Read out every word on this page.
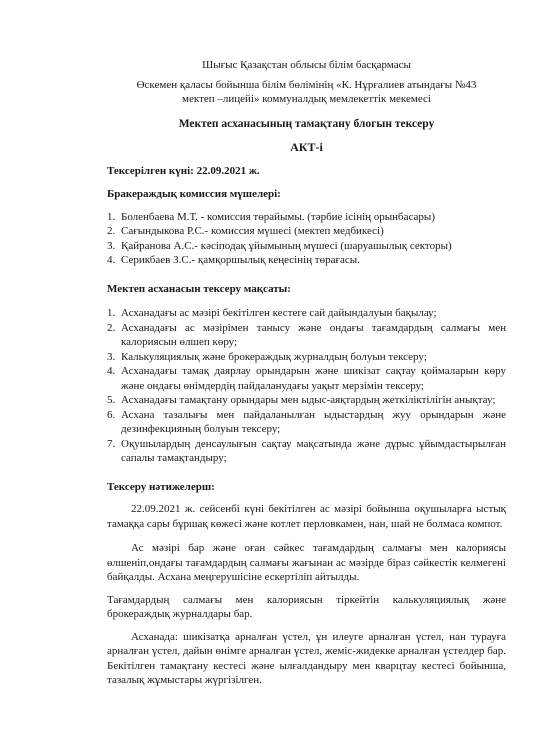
Шығыс Қазақстан облысы білім басқармасы
Өскемен қаласы бойынша білім бөлімінің «К. Нұрғалиев атындағы №43
мектеп –лицейі» коммуналдық мемлекеттік мекемесі
Мектеп асханасының тамақтану блогын тексеру
АКТ-і
Тексерілген күні: 22.09.2021 ж.
Бракераждық комиссия мүшелері:
1. Боленбаева М.Т. - комиссия төрайымы. (тәрбие ісінің орынбасары)
2. Сағындыкова Р.С.- комиссия мүшесі (мектеп медбикесі)
3. Қайранова А.С.- кәсіподақ ұйымының мүшесі (шаруашылық секторы)
4. Серикбаев З.С.- қамқоршылық кеңесінің төрағасы.
Мектеп асханасын тексеру мақсаты:
1. Асханадағы ас мәзірі бекітілген кестеге сай дайындалуын бақылау;
2. Асханадағы ас мәзірімен танысу және ондағы тағамдардың салмағы мен калориясын өлшеп көру;
3. Калькуляциялық және брокераждық журналдың болуын тексеру;
4. Асханадағы тамақ даярлау орындарын және шикізат сақтау қоймаларын көру және ондағы өнімдердің пайдаланудағы уақыт мерзімін тексеру;
5. Асханадағы тамақтану орындары мен ыдыс-аяқтардың жеткіліктілігін анықтау;
6. Асхана тазалығы мен пайдаланылған ыдыстардың жуу орындарын және дезинфекцияның болуын тексеру;
7. Оқушылардың денсаулығын сақтау мақсатында және дұрыс ұйымдастырылған сапалы тамақтандыру;
Тексеру нәтижелерш:

22.09.2021 ж. сейсенбі күні бекітілген ас мәзірі бойынша оқушыларға ыстық тамаққа сары бұршақ көжесі және котлет перловкамен, нан, шай не болмаса компот.

Ас мәзірі бар және оған сәйкес тағамдардың салмағы мен калориясы өлшеніп,ондағы тағамдардың салмағы жағынан ас мәзірде біраз сәйкестік келмегені байқалды. Асхана меңгерушісіне ескертіліп айтылды.

Тағамдардың салмағы мен калориясын тіркейтін калькуляциялық және брокераждық журналдары бар.

Асханада: шикізатқа арналған үстел, ұн илеуге арналған үстел, нан турауға арналған үстел, дайын өнімге арналған үстел, жеміс-жидекке арналған үстелдер бар. Бекітілген тамақтану кестесі және ылғалдандыру мен кварцтау кестесі бойынша, тазалық жұмыстары жүргізілген.
